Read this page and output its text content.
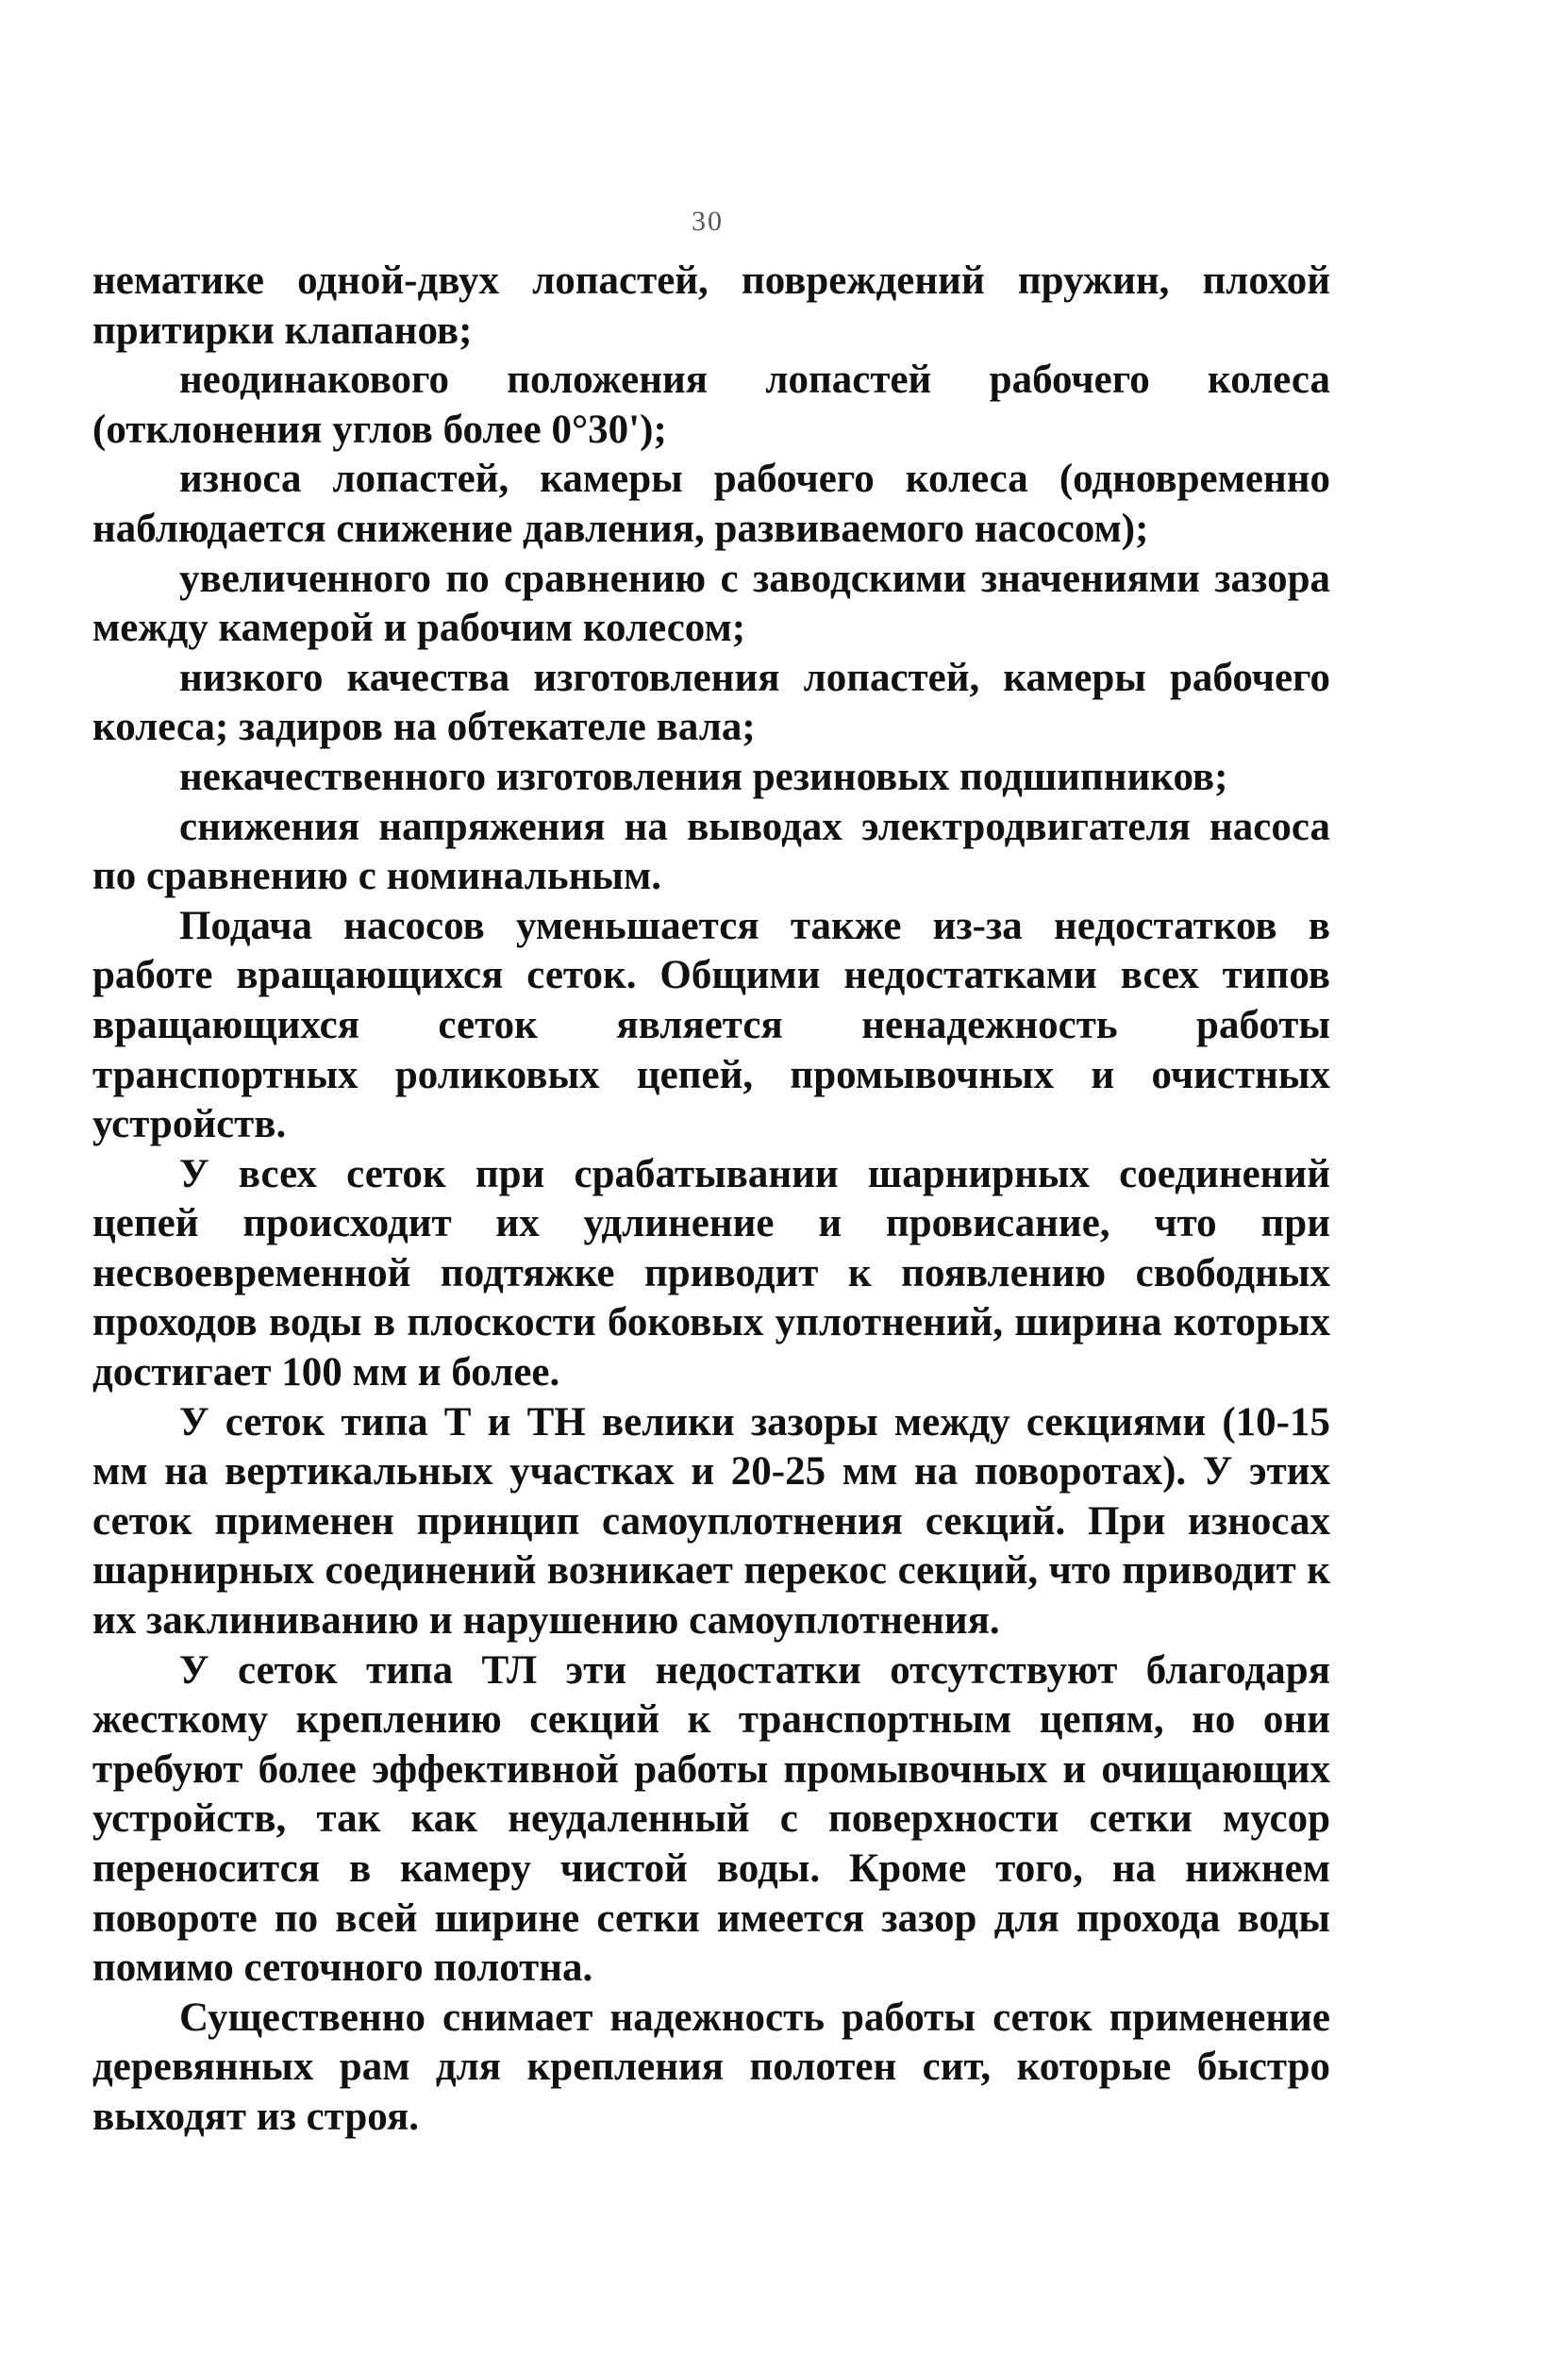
30

нематике одной-двух лопастей, повреждений пружин, плохой притирки клапанов;

неодинакового положения лопастей рабочего колеса (отклонения углов более 0°30');

износа лопастей, камеры рабочего колеса (одновременно наблюдается снижение давления, развиваемого насосом);

увеличенного по сравнению с заводскими значениями зазора между камерой и рабочим колесом;

низкого качества изготовления лопастей, камеры рабочего колеса; задиров на обтекателе вала;

некачественного изготовления резиновых подшипников;

снижения напряжения на выводах электродвигателя насоса по сравнению с номинальным.

Подача насосов уменьшается также из-за недостатков в работе вращающихся сеток. Общими недостатками всех типов вращающихся сеток является ненадежность работы транспортных роликовых цепей, промывочных и очистных устройств.

У всех сеток при срабатывании шарнирных соединений цепей происходит их удлинение и провисание, что при несвоевременной подтяжке приводит к появлению свободных проходов воды в плоскости боковых уплотнений, ширина которых достигает 100 мм и более.

У сеток типа Т и ТН велики зазоры между секциями (10-15 мм на вертикальных участках и 20-25 мм на поворотах). У этих сеток применен принцип самоуплотнения секций. При износах шарнирных соединений возникает перекос секций, что приводит к их заклиниванию и нарушению самоуплотнения.

У сеток типа ТЛ эти недостатки отсутствуют благодаря жесткому креплению секций к транспортным цепям, но они требуют более эффективной работы промывочных и очищающих устройств, так как неудаленный с поверхности сетки мусор переносится в камеру чистой воды. Кроме того, на нижнем повороте по всей ширине сетки имеется зазор для прохода воды помимо сеточного полотна.

Существенно снимает надежность работы сеток применение деревянных рам для крепления полотен сит, которые быстро выходят из строя.
